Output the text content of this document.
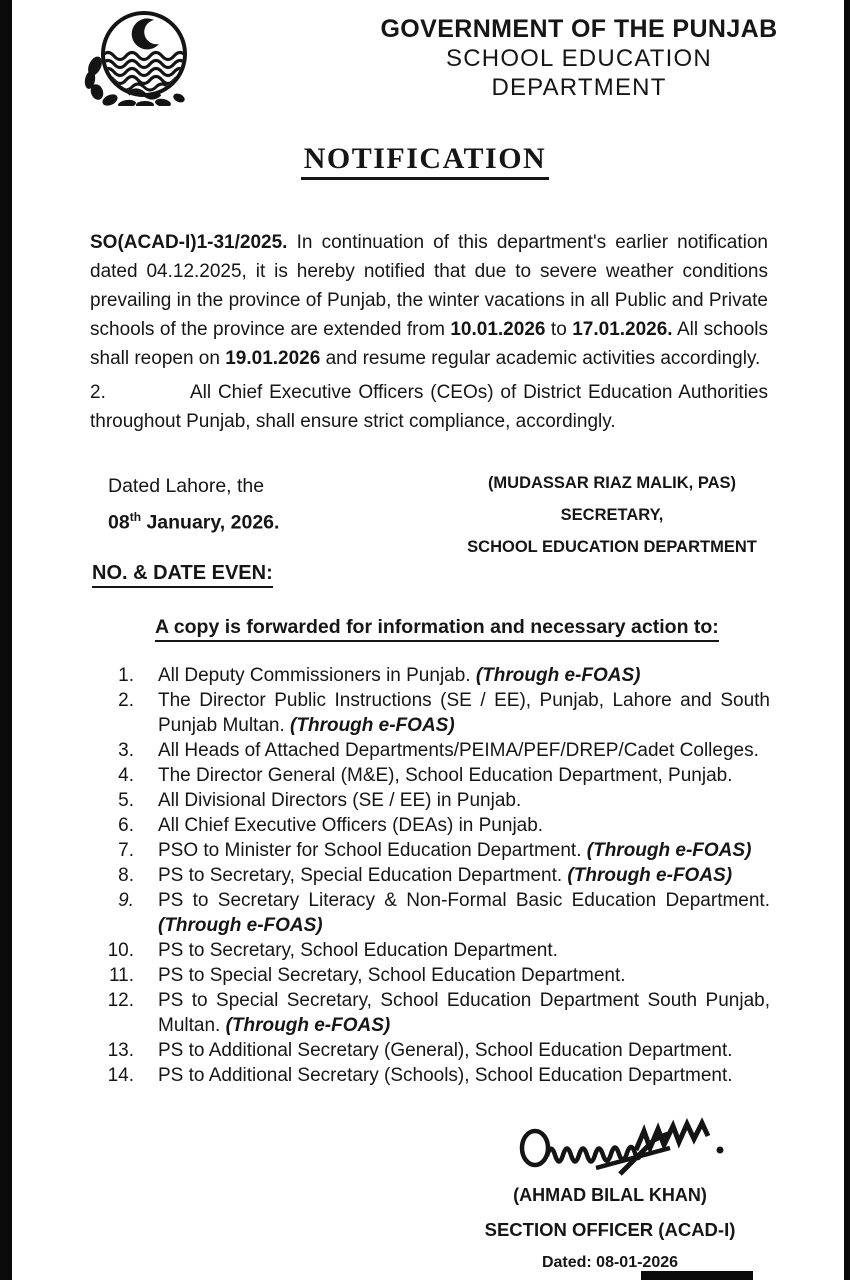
GOVERNMENT OF THE PUNJAB
SCHOOL EDUCATION DEPARTMENT
NOTIFICATION
SO(ACAD-I)1-31/2025. In continuation of this department's earlier notification dated 04.12.2025, it is hereby notified that due to severe weather conditions prevailing in the province of Punjab, the winter vacations in all Public and Private schools of the province are extended from 10.01.2026 to 17.01.2026. All schools shall reopen on 19.01.2026 and resume regular academic activities accordingly.
2.	All Chief Executive Officers (CEOs) of District Education Authorities throughout Punjab, shall ensure strict compliance, accordingly.
Dated Lahore, the
08th January, 2026.
(MUDASSAR RIAZ MALIK, PAS)
SECRETARY,
SCHOOL EDUCATION DEPARTMENT
NO. & DATE EVEN:
A copy is forwarded for information and necessary action to:
1.	All Deputy Commissioners in Punjab. (Through e-FOAS)
2.	The Director Public Instructions (SE / EE), Punjab, Lahore and South Punjab Multan. (Through e-FOAS)
3.	All Heads of Attached Departments/PEIMA/PEF/DREP/Cadet Colleges.
4.	The Director General (M&E), School Education Department, Punjab.
5.	All Divisional Directors (SE / EE) in Punjab.
6.	All Chief Executive Officers (DEAs) in Punjab.
7.	PSO to Minister for School Education Department. (Through e-FOAS)
8.	PS to Secretary, Special Education Department. (Through e-FOAS)
9.	PS to Secretary Literacy & Non-Formal Basic Education Department. (Through e-FOAS)
10.	PS to Secretary, School Education Department.
11.	PS to Special Secretary, School Education Department.
12.	PS to Special Secretary, School Education Department South Punjab, Multan. (Through e-FOAS)
13.	PS to Additional Secretary (General), School Education Department.
14.	PS to Additional Secretary (Schools), School Education Department.
(AHMAD BILAL KHAN)
SECTION OFFICER (ACAD-I)
Dated: 08-01-2026
